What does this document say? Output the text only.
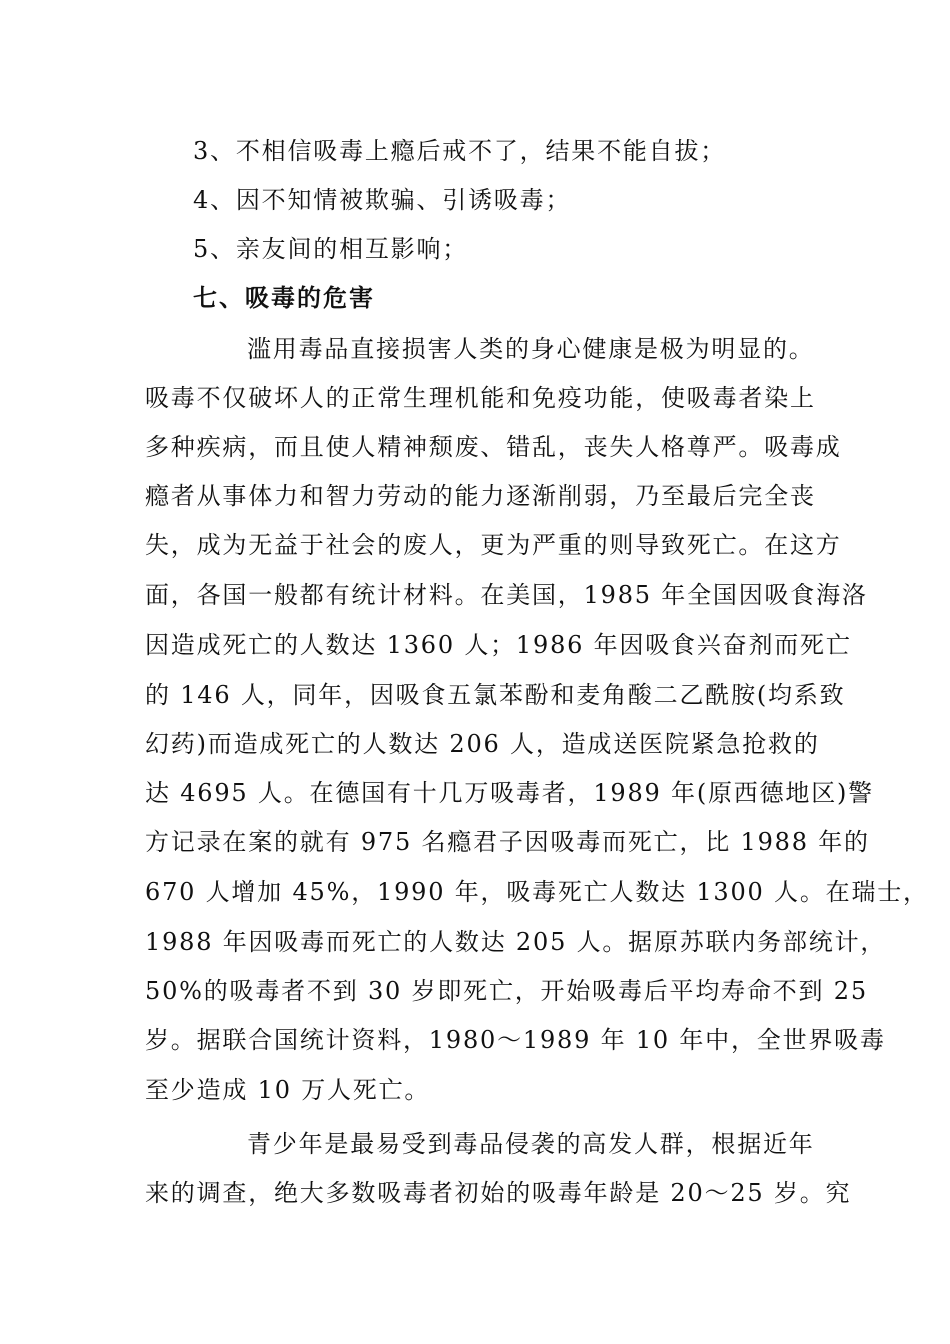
3、不相信吸毒上瘾后戒不了，结果不能自拔；
4、因不知情被欺骗、引诱吸毒；
5、亲友间的相互影响；
七、吸毒的危害
滥用毒品直接损害人类的身心健康是极为明显的。
吸毒不仅破坏人的正常生理机能和免疫功能，使吸毒者染上
多种疾病，而且使人精神颓废、错乱，丧失人格尊严。吸毒成
瘾者从事体力和智力劳动的能力逐渐削弱，乃至最后完全丧
失，成为无益于社会的废人，更为严重的则导致死亡。在这方
面，各国一般都有统计材料。在美国，1985 年全国因吸食海洛
因造成死亡的人数达 1360 人；1986 年因吸食兴奋剂而死亡
的 146 人，同年，因吸食五氯苯酚和麦角酸二乙酰胺(均系致
幻药)而造成死亡的人数达 206 人，造成送医院紧急抢救的
达 4695 人。在德国有十几万吸毒者，1989 年(原西德地区)警
方记录在案的就有 975 名瘾君子因吸毒而死亡，比 1988 年的
670 人增加 45%，1990 年，吸毒死亡人数达 1300 人。在瑞士，
1988 年因吸毒而死亡的人数达 205 人。据原苏联内务部统计，
50%的吸毒者不到 30 岁即死亡，开始吸毒后平均寿命不到 25
岁。据联合国统计资料，1980～1989 年 10 年中，全世界吸毒
至少造成 10 万人死亡。
青少年是最易受到毒品侵袭的高发人群，根据近年
来的调查，绝大多数吸毒者初始的吸毒年龄是 20～25 岁。究
